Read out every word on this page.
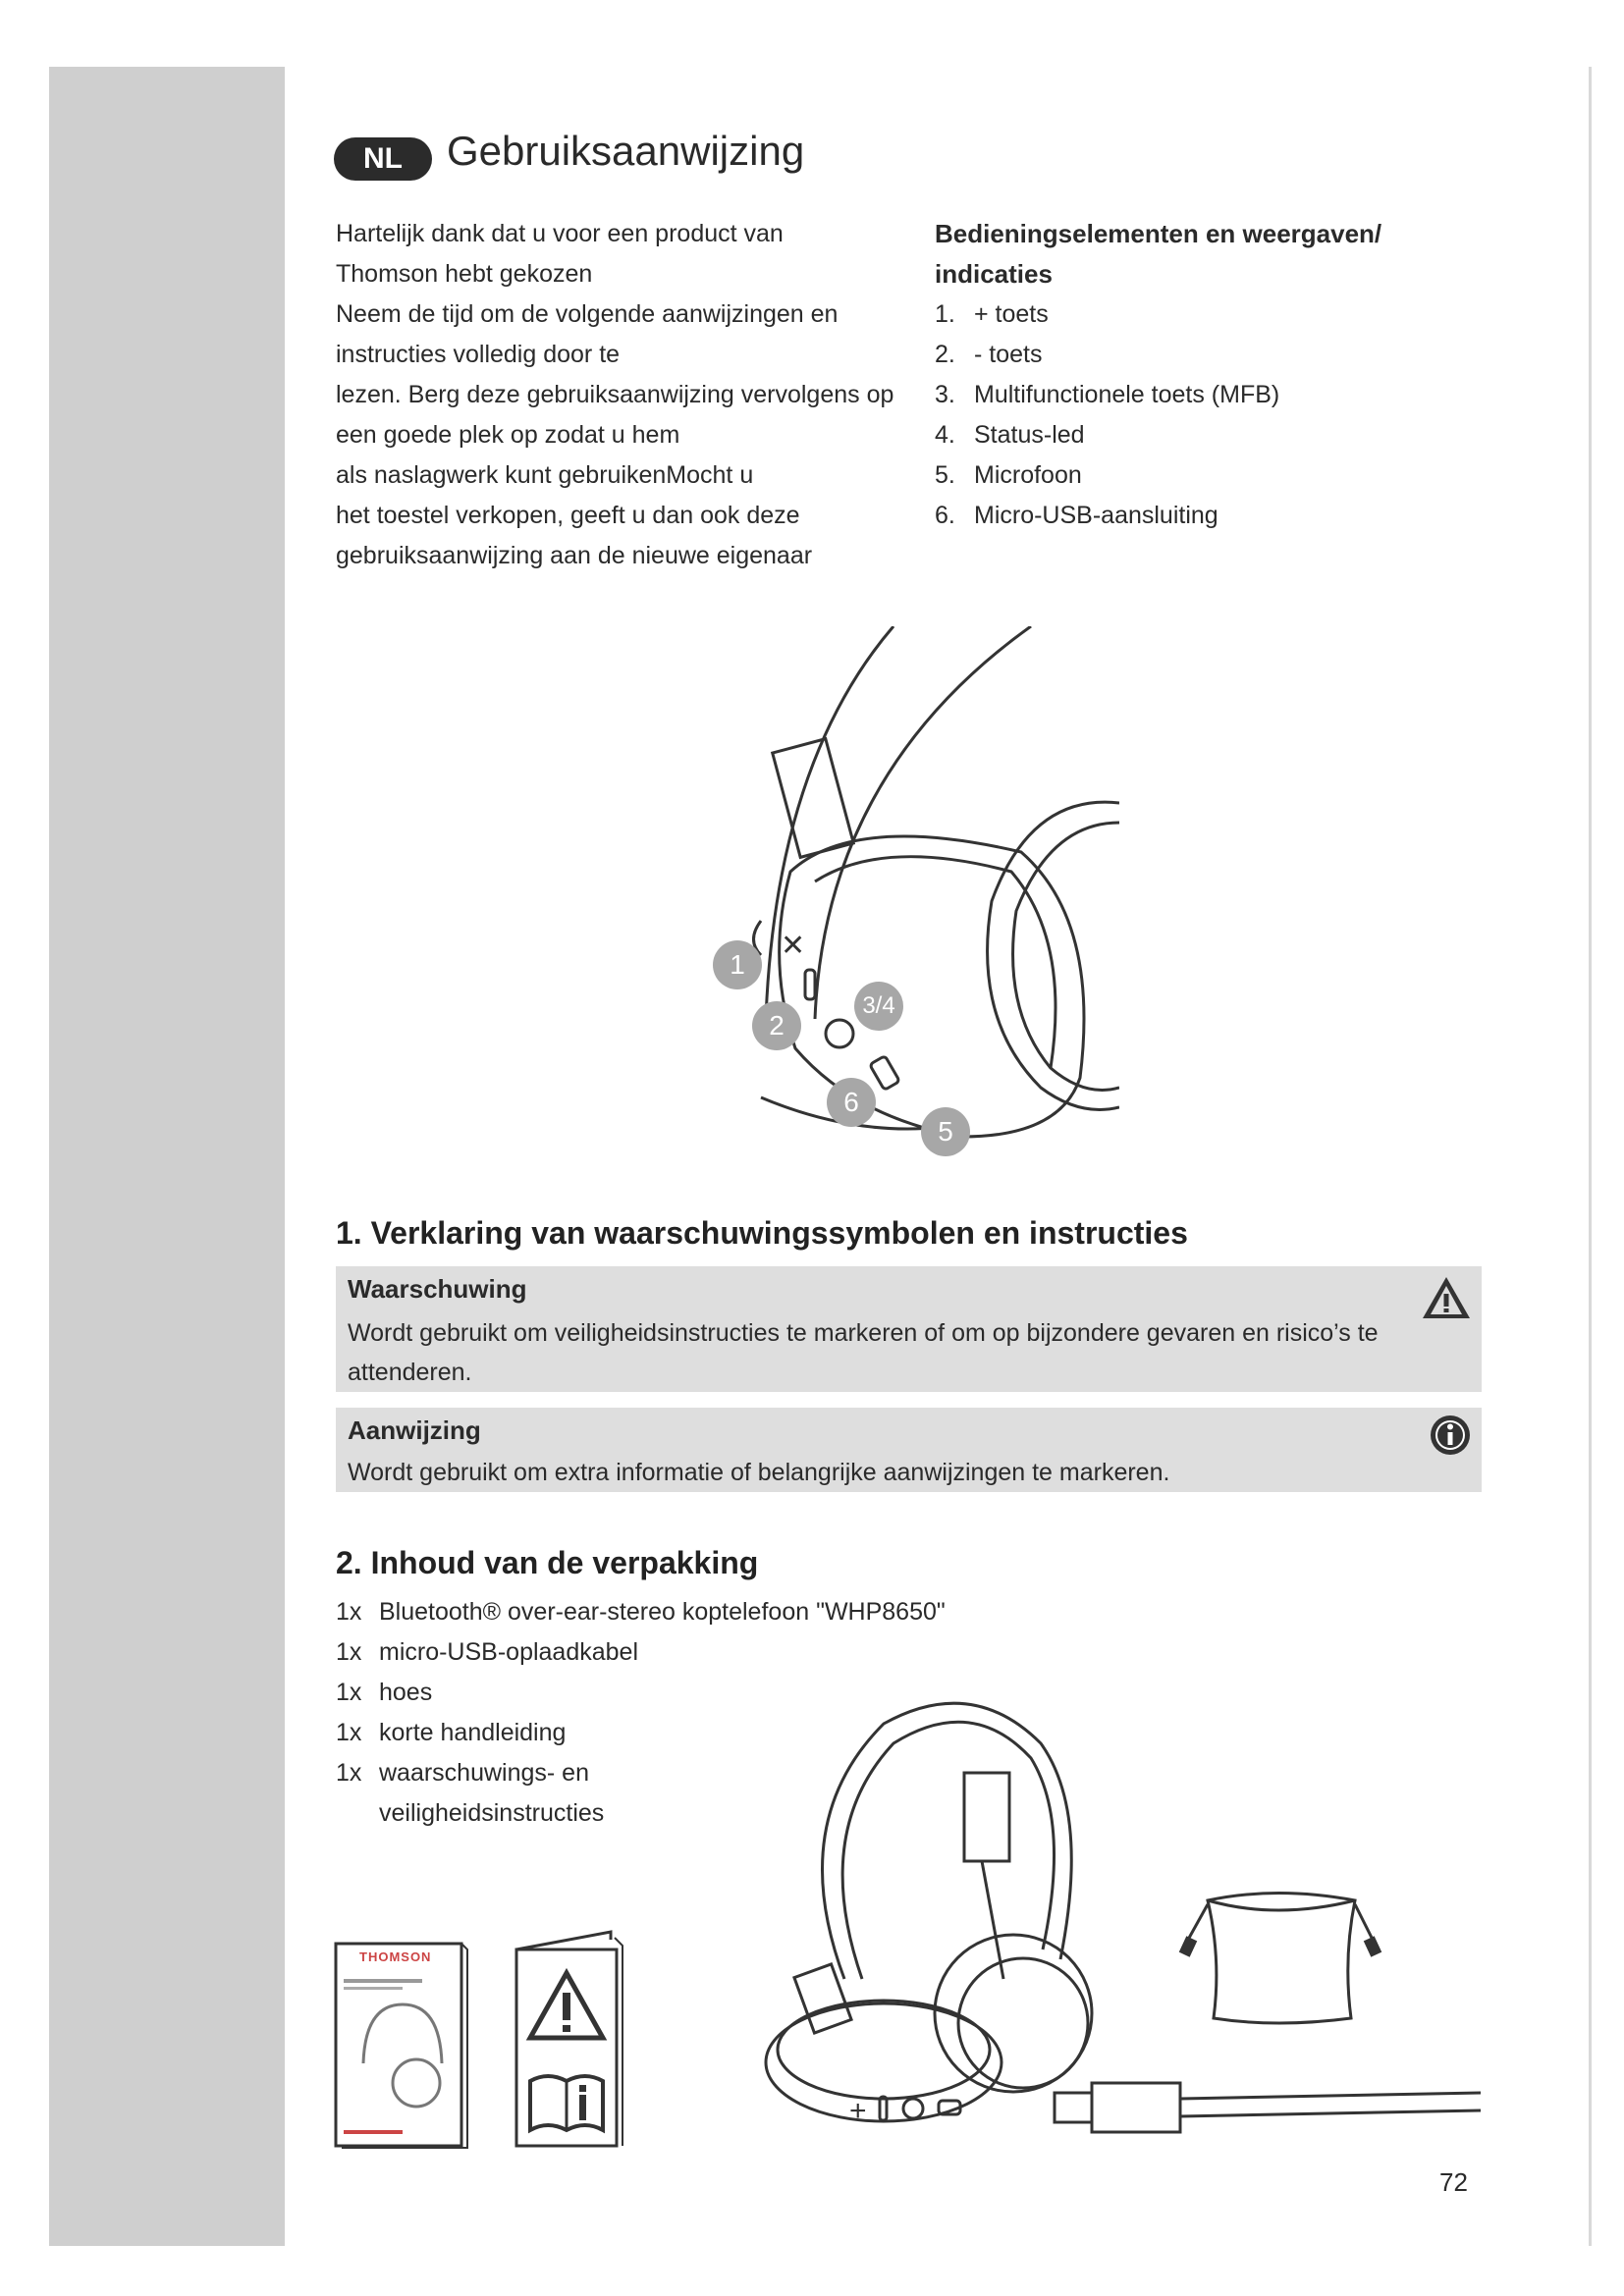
NL	Gebruiksaanwijzing
Hartelijk dank dat u voor een product van
Thomson hebt gekozen
Neem de tijd om de volgende aanwijzingen en
instructies volledig door te
lezen. Berg deze gebruiksaanwijzing vervolgens op
een goede plek op zodat u hem
als naslagwerk kunt gebruikenMocht u
het toestel verkopen, geeft u dan ook deze
gebruiksaanwijzing aan de nieuwe eigenaar
Bedieningselementen en weergaven/
indicaties
1. + toets
2. - toets
3. Multifunctionele toets (MFB)
4. Status-led
5. Microfoon
6. Micro-USB-aansluiting
✕
1
2
3/4
6
5
1. Verklaring van waarschuwingssymbolen en instructies
Waarschuwing
Wordt gebruikt om veiligheidsinstructies te markeren of om op bijzondere gevaren en risico’s te attenderen.
Aanwijzing
Wordt gebruikt om extra informatie of belangrijke aanwijzingen te markeren.
2. Inhoud van de verpakking
1x Bluetooth® over-ear-stereo koptelefoon "WHP8650"
1x micro-USB-oplaadkabel
1x hoes
1x korte handleiding
1x waarschuwings- en
veiligheidsinstructies
THOMSON
+
72
